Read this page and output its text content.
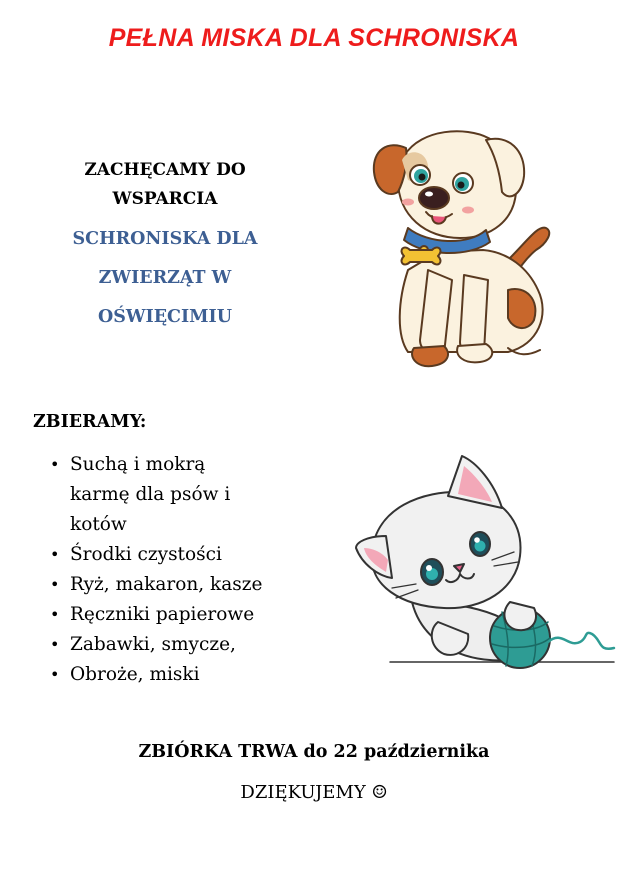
PEŁNA MISKA DLA SCHRONISKA
ZACHĘCAMY DO
WSPARCIA
SCHRONISKA DLA
ZWIERZĄT W
OŚWIĘCIMIU
ZBIERAMY:
• Suchą i mokrą
karmę dla psów i
kotów
• Środki czystości
• Ryż, makaron, kasze
• Ręczniki papierowe
• Zabawki, smycze,
• Obroże, miski
ZBIÓRKA TRWA do 22 października
DZIĘKUJEMY ☺
